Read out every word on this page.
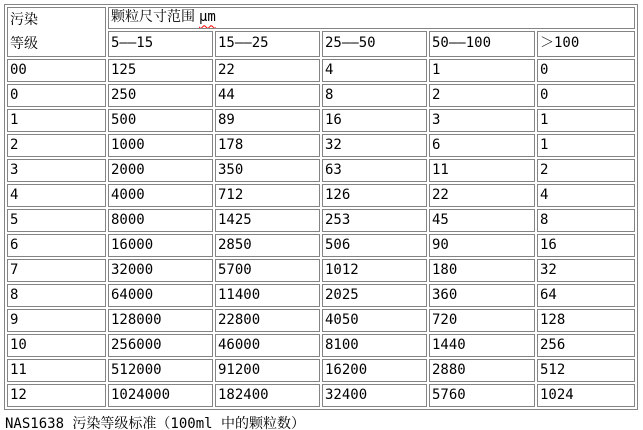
污染
等级	颗粒尺寸范围 μm				
	5——15	15——25	25——50	50——100	＞100
00	125	22	4	1	0
0	250	44	8	2	0
1	500	89	16	3	1
2	1000	178	32	6	1
3	2000	350	63	11	2
4	4000	712	126	22	4
5	8000	1425	253	45	8
6	16000	2850	506	90	16
7	32000	5700	1012	180	32
8	64000	11400	2025	360	64
9	128000	22800	4050	720	128
10	256000	46000	8100	1440	256
11	512000	91200	16200	2880	512
12	1024000	182400	32400	5760	1024
NAS1638 污染等级标准（100ml 中的颗粒数）
